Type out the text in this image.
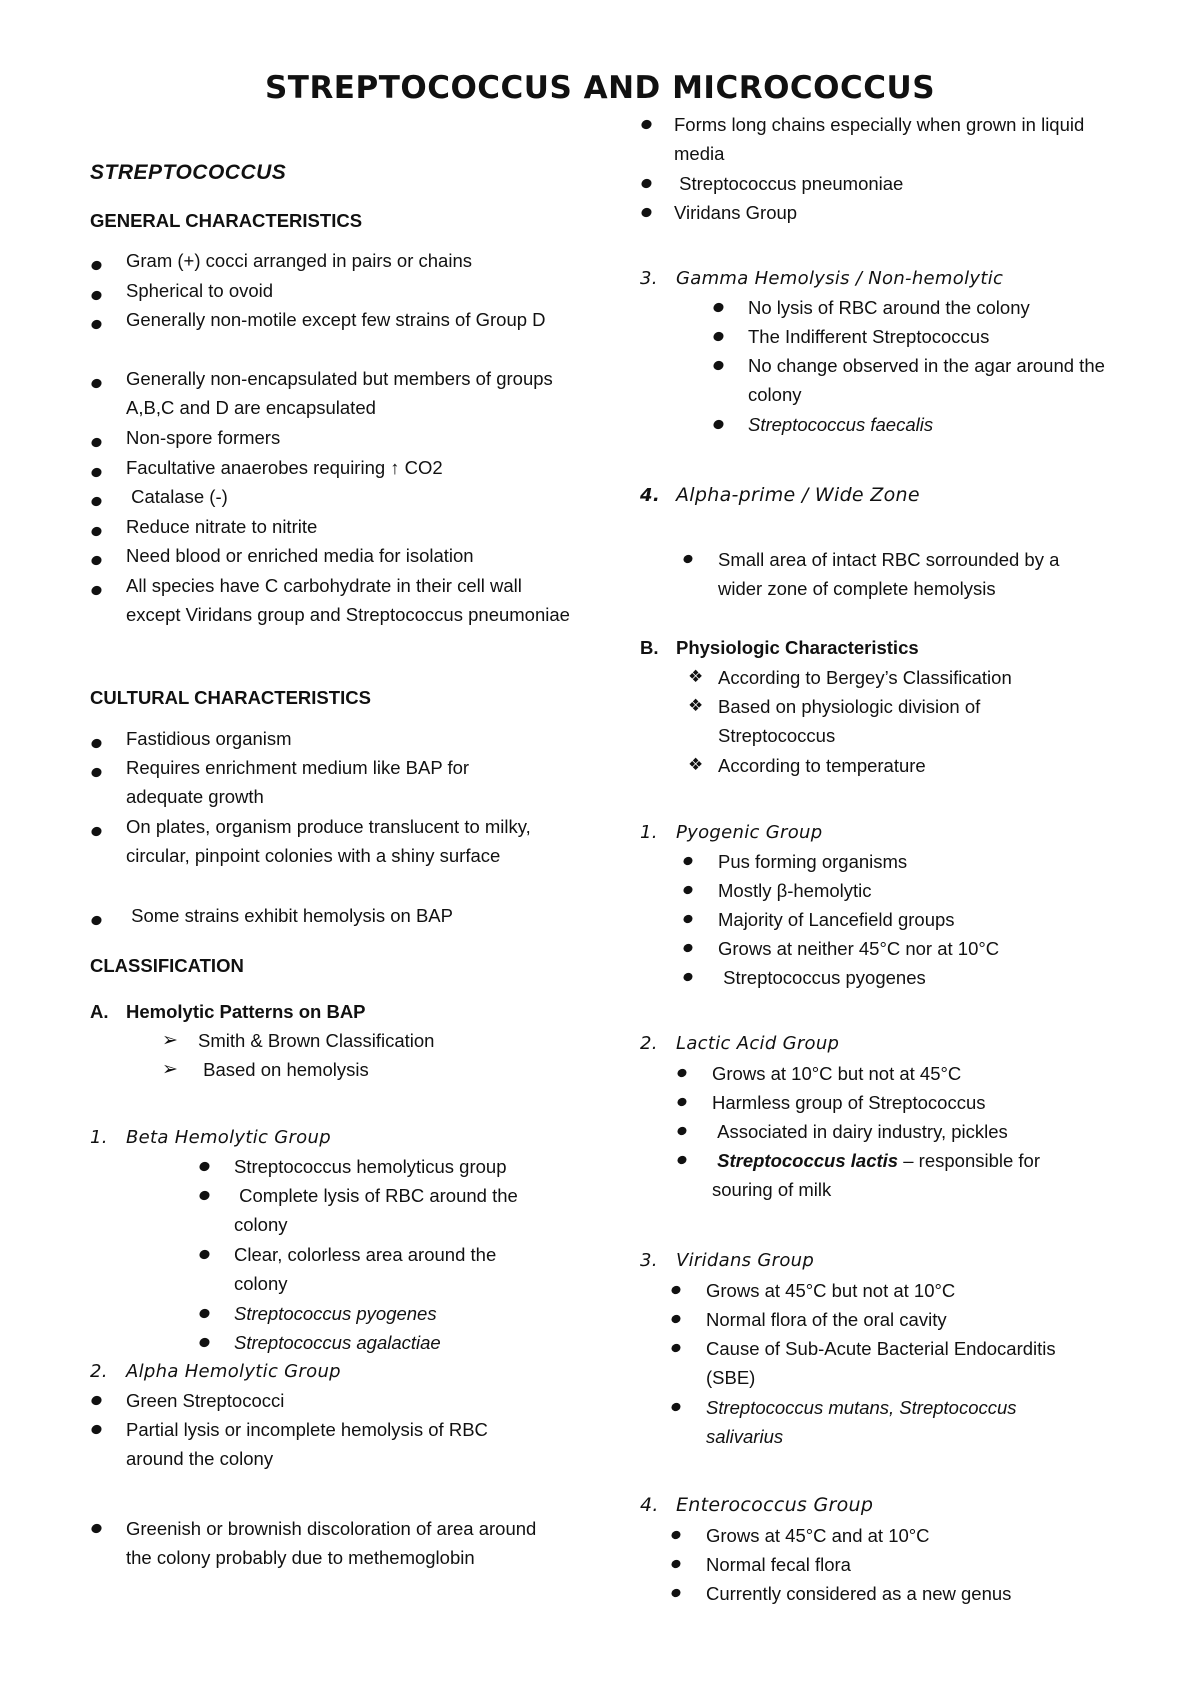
STREPTOCOCCUS AND MICROCOCCUS
STREPTOCOCCUS
GENERAL CHARACTERISTICS
Gram (+) cocci arranged in pairs or chains
Spherical to ovoid
Generally non-motile except few strains of Group D
Generally non-encapsulated but members of groups A,B,C and D are encapsulated
Non-spore formers
Facultative anaerobes requiring ↑ CO2
Catalase (-)
Reduce nitrate to nitrite
Need blood or enriched media for isolation
All species have C carbohydrate in their cell wall except Viridans group and Streptococcus pneumoniae
CULTURAL CHARACTERISTICS
Fastidious organism
Requires enrichment medium like BAP for adequate growth
On plates, organism produce translucent to milky, circular, pinpoint colonies with a shiny surface
Some strains exhibit hemolysis on BAP
CLASSIFICATION
A. Hemolytic Patterns on BAP
➢ Smith & Brown Classification
➢ Based on hemolysis
1. Beta Hemolytic Group
Streptococcus hemolyticus group
Complete lysis of RBC around the colony
Clear, colorless area around the colony
Streptococcus pyogenes
Streptococcus agalactiae
2. Alpha Hemolytic Group
Green Streptococci
Partial lysis or incomplete hemolysis of RBC around the colony
Greenish or brownish discoloration of area around the colony probably due to methemoglobin
Forms long chains especially when grown in liquid media
Streptococcus pneumoniae
Viridans Group
3. Gamma Hemolysis / Non-hemolytic
No lysis of RBC around the colony
The Indifferent Streptococcus
No change observed in the agar around the colony
Streptococcus faecalis
4. Alpha-prime / Wide Zone
Small area of intact RBC sorrounded by a wider zone of complete hemolysis
B. Physiologic Characteristics
❖ According to Bergey’s Classification
❖ Based on physiologic division of Streptococcus
❖ According to temperature
1. Pyogenic Group
Pus forming organisms
Mostly β-hemolytic
Majority of Lancefield groups
Grows at neither 45°C nor at 10°C
Streptococcus pyogenes
2. Lactic Acid Group
Grows at 10°C but not at 45°C
Harmless group of Streptococcus
Associated in dairy industry, pickles
Streptococcus lactis – responsible for souring of milk
3. Viridans Group
Grows at 45°C but not at 10°C
Normal flora of the oral cavity
Cause of Sub-Acute Bacterial Endocarditis (SBE)
Streptococcus mutans, Streptococcus salivarius
4. Enterococcus Group
Grows at 45°C and at 10°C
Normal fecal flora
Currently considered as a new genus
